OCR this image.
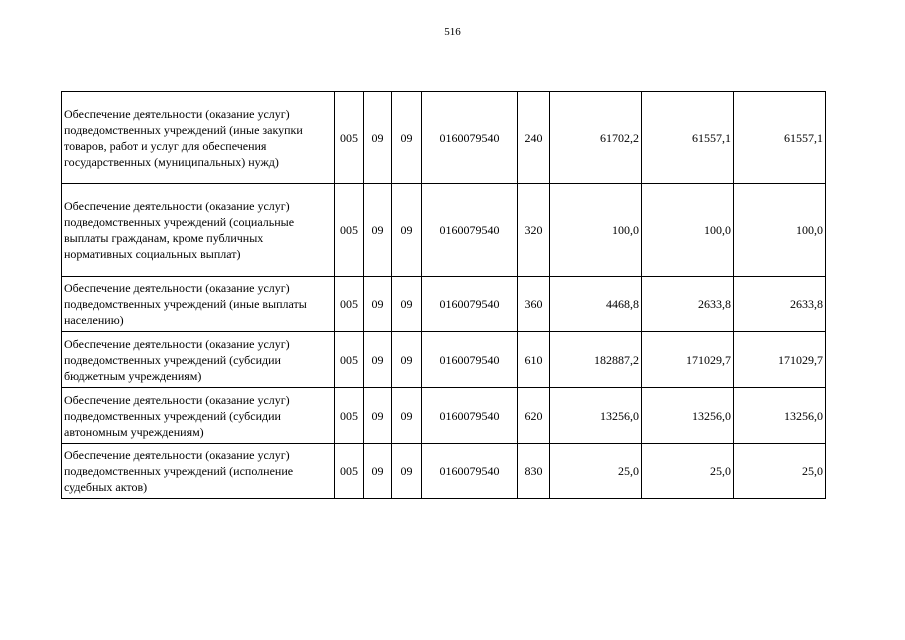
516
Обеспечение деятельности (оказание услуг) подведомственных учреждений (иные закупки товаров, работ и услуг для обеспечения государственных (муниципальных) нужд)	005	09	09	0160079540	240	61702,2	61557,1	61557,1
Обеспечение деятельности (оказание услуг) подведомственных учреждений (социальные выплаты гражданам, кроме публичных нормативных социальных выплат)	005	09	09	0160079540	320	100,0	100,0	100,0
Обеспечение деятельности (оказание услуг) подведомственных учреждений (иные выплаты населению)	005	09	09	0160079540	360	4468,8	2633,8	2633,8
Обеспечение деятельности (оказание услуг) подведомственных учреждений (субсидии бюджетным учреждениям)	005	09	09	0160079540	610	182887,2	171029,7	171029,7
Обеспечение деятельности (оказание услуг) подведомственных учреждений (субсидии автономным учреждениям)	005	09	09	0160079540	620	13256,0	13256,0	13256,0
Обеспечение деятельности (оказание услуг) подведомственных учреждений (исполнение судебных актов)	005	09	09	0160079540	830	25,0	25,0	25,0
